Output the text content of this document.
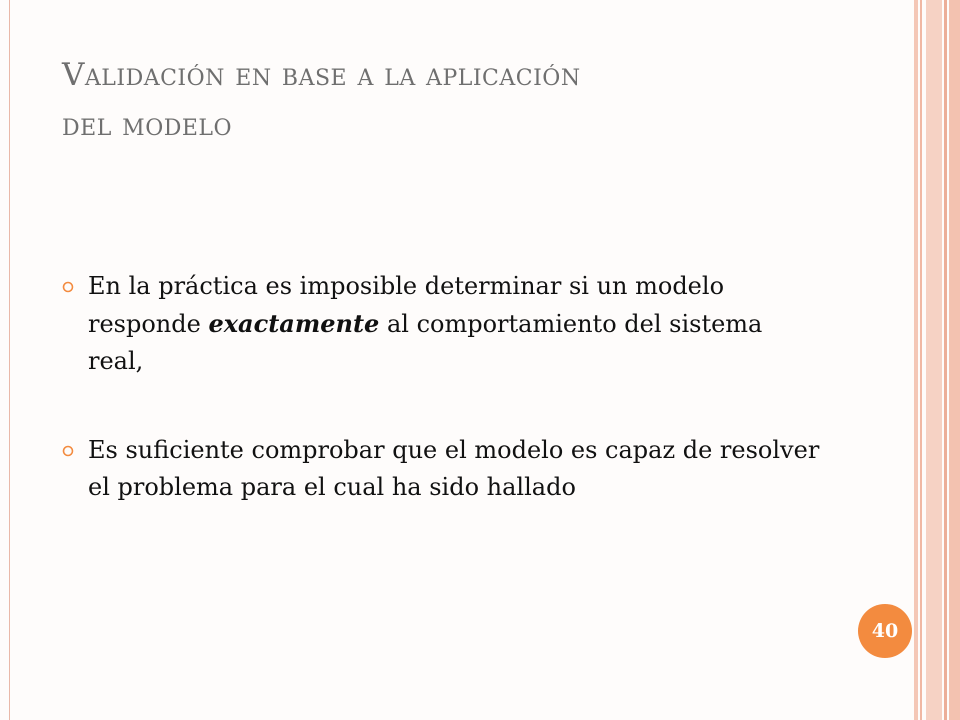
Validación en base a la aplicación
del modelo
En la práctica es imposible determinar si un modelo responde exactamente al comportamiento del sistema real,
Es suficiente comprobar que el modelo es capaz de resolver el problema para el cual ha sido hallado
40
